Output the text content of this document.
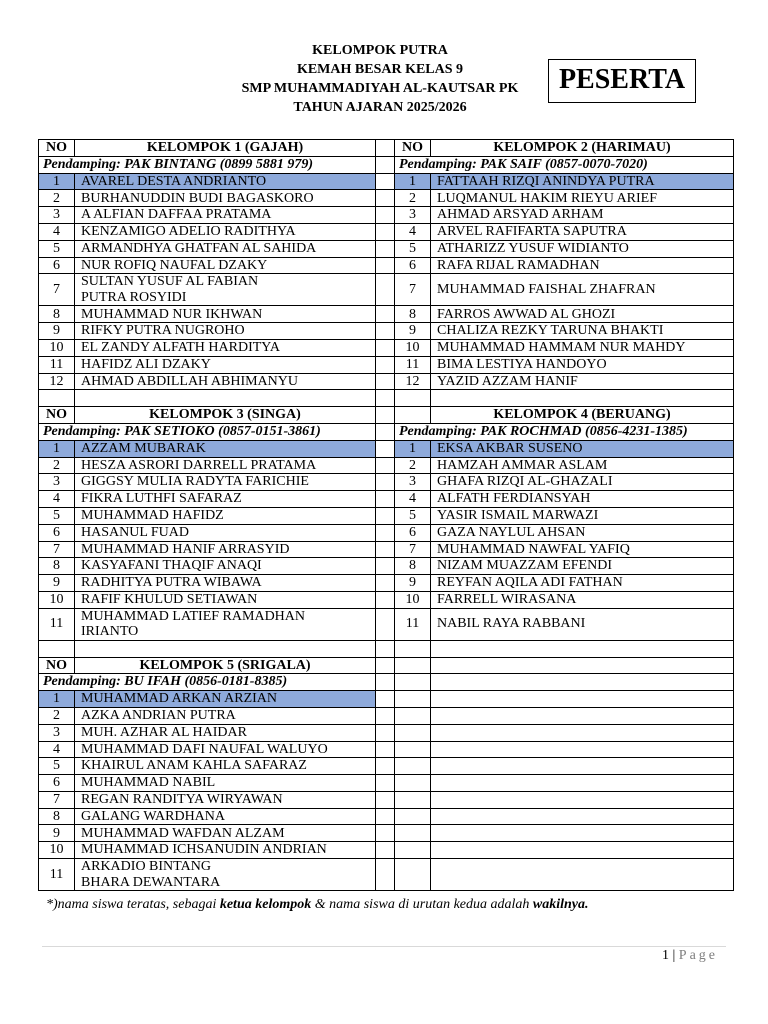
KELOMPOK PUTRA
KEMAH BESAR KELAS 9
SMP MUHAMMADIYAH AL-KAUTSAR PK
TAHUN AJARAN 2025/2026
PESERTA
NO	KELOMPOK 1 (GAJAH)		NO	KELOMPOK 2 (HARIMAU)
Pendamping: PAK BINTANG (0899 5881 979)			Pendamping: PAK SAIF (0857-0070-7020)	
1	AVAREL DESTA ANDRIANTO		1	FATTAAH RIZQI ANINDYA PUTRA
2	BURHANUDDIN BUDI BAGASKORO		2	LUQMANUL HAKIM RIEYU ARIEF
3	A ALFIAN DAFFAA PRATAMA		3	AHMAD ARSYAD ARHAM
4	KENZAMIGO ADELIO RADITHYA		4	ARVEL RAFIFARTA SAPUTRA
5	ARMANDHYA GHATFAN AL SAHIDA		5	ATHARIZZ YUSUF WIDIANTO
6	NUR ROFIQ NAUFAL DZAKY		6	RAFA RIJAL RAMADHAN
7	SULTAN YUSUF AL FABIAN
PUTRA ROSYIDI		7	MUHAMMAD FAISHAL ZHAFRAN
8	MUHAMMAD NUR IKHWAN		8	FARROS AWWAD AL GHOZI
9	RIFKY PUTRA NUGROHO		9	CHALIZA REZKY TARUNA BHAKTI
10	EL ZANDY ALFATH HARDITYA		10	MUHAMMAD HAMMAM NUR MAHDY
11	HAFIDZ ALI DZAKY		11	BIMA LESTIYA HANDOYO
12	AHMAD ABDILLAH ABHIMANYU		12	YAZID AZZAM HANIF

NO	KELOMPOK 3 (SINGA)			KELOMPOK 4 (BERUANG)
Pendamping: PAK SETIOKO (0857-0151-3861)			Pendamping: PAK ROCHMAD (0856-4231-1385)	
1	AZZAM MUBARAK		1	EKSA AKBAR SUSENO
2	HESZA ASRORI DARRELL PRATAMA		2	HAMZAH AMMAR ASLAM
3	GIGGSY MULIA RADYTA FARICHIE		3	GHAFA RIZQI AL-GHAZALI
4	FIKRA LUTHFI SAFARAZ		4	ALFATH FERDIANSYAH
5	MUHAMMAD HAFIDZ		5	YASIR ISMAIL MARWAZI
6	HASANUL FUAD		6	GAZA NAYLUL AHSAN
7	MUHAMMAD HANIF ARRASYID		7	MUHAMMAD NAWFAL YAFIQ
8	KASYAFANI THAQIF ANAQI		8	NIZAM MUAZZAM EFENDI
9	RADHITYA PUTRA WIBAWA		9	REYFAN AQILA ADI FATHAN
10	RAFIF KHULUD SETIAWAN		10	FARRELL WIRASANA
11	MUHAMMAD LATIEF RAMADHAN
IRIANTO		11	NABIL RAYA RABBANI

NO	KELOMPOK 5 (SRIGALA)			
Pendamping: BU IFAH (0856-0181-8385)				
1	MUHAMMAD ARKAN ARZIAN			
2	AZKA ANDRIAN PUTRA			
3	MUH. AZHAR AL HAIDAR			
4	MUHAMMAD DAFI NAUFAL WALUYO			
5	KHAIRUL ANAM KAHLA SAFARAZ			
6	MUHAMMAD NABIL			
7	REGAN RANDITYA WIRYAWAN			
8	GALANG WARDHANA			
9	MUHAMMAD WAFDAN ALZAM			
10	MUHAMMAD ICHSANUDIN ANDRIAN			
11	ARKADIO BINTANG
BHARA DEWANTARA			

*)nama siswa teratas, sebagai ketua kelompok & nama siswa di urutan kedua adalah wakilnya.
1 | Page
